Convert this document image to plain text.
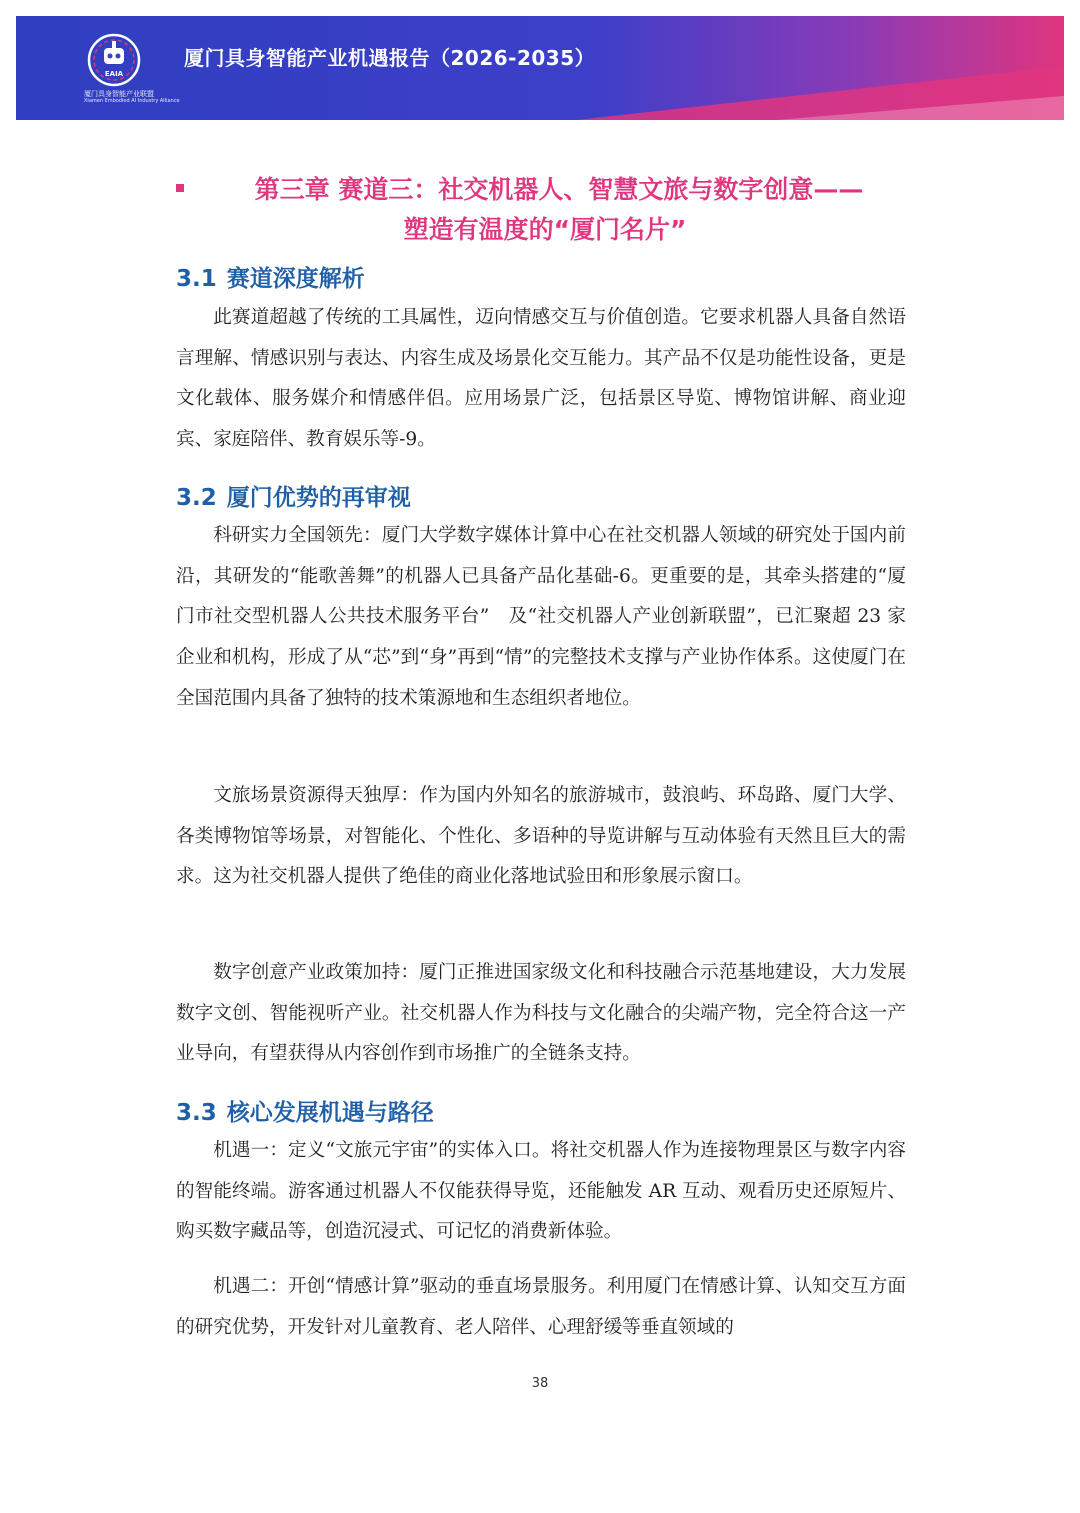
EAIA
厦门具身智能产业联盟
Xiamen Embodied AI Industry Alliance
厦门具身智能产业机遇报告（2026-2035）
第三章 赛道三：社交机器人、智慧文旅与数字创意——
塑造有温度的“厦门名片”
3.1 赛道深度解析
此赛道超越了传统的工具属性，迈向情感交互与价值创造。它要求机器人具备自然语言理解、情感识别与表达、内容生成及场景化交互能力。其产品不仅是功能性设备，更是文化载体、服务媒介和情感伴侣。应用场景广泛，包括景区导览、博物馆讲解、商业迎宾、家庭陪伴、教育娱乐等-9。
3.2 厦门优势的再审视
科研实力全国领先：厦门大学数字媒体计算中心在社交机器人领域的研究处于国内前沿，其研发的“能歌善舞”的机器人已具备产品化基础-6。更重要的是，其牵头搭建的“厦门市社交型机器人公共技术服务平台”　及“社交机器人产业创新联盟”，已汇聚超 23 家企业和机构，形成了从“芯”到“身”再到“情”的完整技术支撑与产业协作体系。这使厦门在全国范围内具备了独特的技术策源地和生态组织者地位。
文旅场景资源得天独厚：作为国内外知名的旅游城市，鼓浪屿、环岛路、厦门大学、各类博物馆等场景，对智能化、个性化、多语种的导览讲解与互动体验有天然且巨大的需求。这为社交机器人提供了绝佳的商业化落地试验田和形象展示窗口。
数字创意产业政策加持：厦门正推进国家级文化和科技融合示范基地建设，大力发展数字文创、智能视听产业。社交机器人作为科技与文化融合的尖端产物，完全符合这一产业导向，有望获得从内容创作到市场推广的全链条支持。
3.3 核心发展机遇与路径
机遇一：定义“文旅元宇宙”的实体入口。将社交机器人作为连接物理景区与数字内容的智能终端。游客通过机器人不仅能获得导览，还能触发 AR 互动、观看历史还原短片、购买数字藏品等，创造沉浸式、可记忆的消费新体验。
机遇二：开创“情感计算”驱动的垂直场景服务。利用厦门在情感计算、认知交互方面的研究优势，开发针对儿童教育、老人陪伴、心理舒缓等垂直领域的
38
